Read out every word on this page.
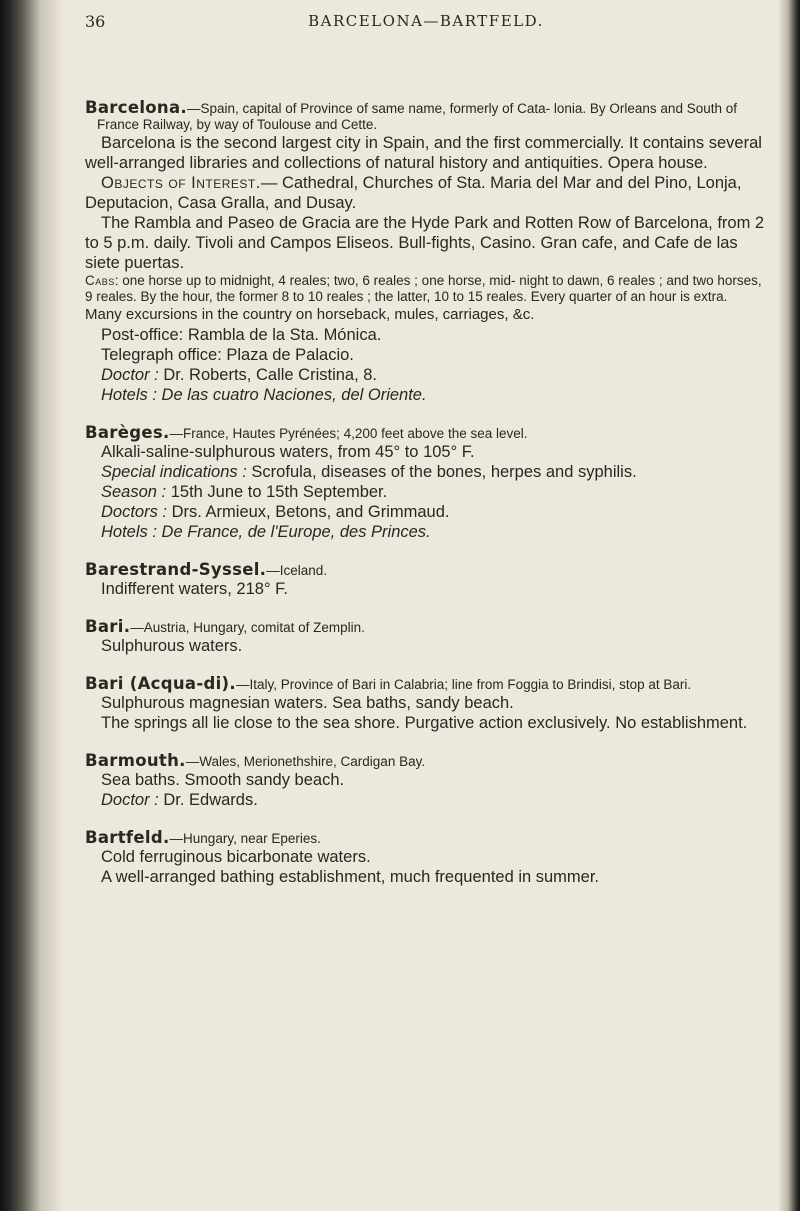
36	BARCELONA—BARTFELD.

Barcelona.—Spain, capital of Province of same name, formerly of Cata- lonia. By Orleans and South of France Railway, by way of Toulouse and Cette.

Barcelona is the second largest city in Spain, and the first commercially. It contains several well-arranged libraries and collections of natural history and antiquities. Opera house.

Objects of Interest.— Cathedral, Churches of Sta. Maria del Mar and del Pino, Lonja, Deputacion, Casa Gralla, and Dusay.

The Rambla and Paseo de Gracia are the Hyde Park and Rotten Row of Barcelona, from 2 to 5 p.m. daily. Tivoli and Campos Eliseos. Bull-fights, Casino. Gran cafe, and Cafe de las siete puertas.

Cabs: one horse up to midnight, 4 reales; two, 6 reales ; one horse, mid- night to dawn, 6 reales ; and two horses, 9 reales. By the hour, the former 8 to 10 reales ; the latter, 10 to 15 reales. Every quarter of an hour is extra.

Many excursions in the country on horseback, mules, carriages, &c.

Post-office: Rambla de la Sta. Mónica.

Telegraph office: Plaza de Palacio.

Doctor : Dr. Roberts, Calle Cristina, 8.

Hotels : De las cuatro Naciones, del Oriente.

Barèges.—France, Hautes Pyrénées; 4,200 feet above the sea level.

Alkali-saline-sulphurous waters, from 45° to 105° F.

Special indications : Scrofula, diseases of the bones, herpes and syphilis.

Season : 15th June to 15th September.

Doctors : Drs. Armieux, Betons, and Grimmaud.

Hotels : De France, de l'Europe, des Princes.

Barestrand-Syssel.—Iceland.

Indifferent waters, 218° F.

Bari.—Austria, Hungary, comitat of Zemplin.

Sulphurous waters.

Bari (Acqua-di).—Italy, Province of Bari in Calabria; line from Foggia to Brindisi, stop at Bari.

Sulphurous magnesian waters. Sea baths, sandy beach.

The springs all lie close to the sea shore. Purgative action exclusively. No establishment.

Barmouth.—Wales, Merionethshire, Cardigan Bay.

Sea baths. Smooth sandy beach.

Doctor : Dr. Edwards.

Bartfeld.—Hungary, near Eperies.

Cold ferruginous bicarbonate waters.

A well-arranged bathing establishment, much frequented in summer.
